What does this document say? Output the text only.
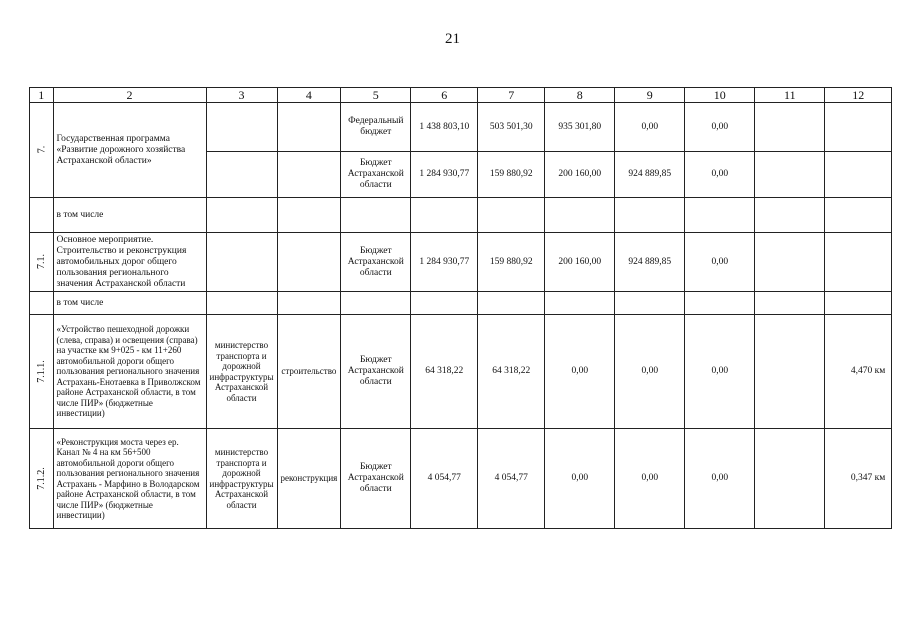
21
1	2	3	4	5	6	7	8	9	10	11	12
7.	Государственная программа «Развитие дорожного хозяйства Астраханской области»			Федеральный бюджет	1 438 803,10	503 501,30	935 301,80	0,00	0,00		
				Бюджет Астраханской области	1 284 930,77	159 880,92	200 160,00	924 889,85	0,00		
	в том числе										
7.1.	Основное мероприятие. Строительство и реконструкция автомобильных дорог общего пользования регионального значения Астраханской области			Бюджет Астраханской области	1 284 930,77	159 880,92	200 160,00	924 889,85	0,00		
	в том числе										
7.1.1.	«Устройство пешеходной дорожки (слева, справа) и освещения (справа) на участке км 9+025 - км 11+260 автомобильной дороги общего пользования регионального значения Астрахань-Енотаевка в Приволжском районе Астраханской области, в том числе ПИР» (бюджетные инвестиции)	министерство транспорта и дорожной инфраструктуры Астраханской области	строительство	Бюджет Астраханской области	64 318,22	64 318,22	0,00	0,00	0,00		4,470 км
7.1.2.	«Реконструкция моста через ер. Канал № 4 на км 56+500 автомобильной дороги общего пользования регионального значения Астрахань - Марфино в Володарском районе Астраханской области, в том числе ПИР» (бюджетные инвестиции)	министерство транспорта и дорожной инфраструктуры Астраханской области	реконструкция	Бюджет Астраханской области	4 054,77	4 054,77	0,00	0,00	0,00		0,347 км
